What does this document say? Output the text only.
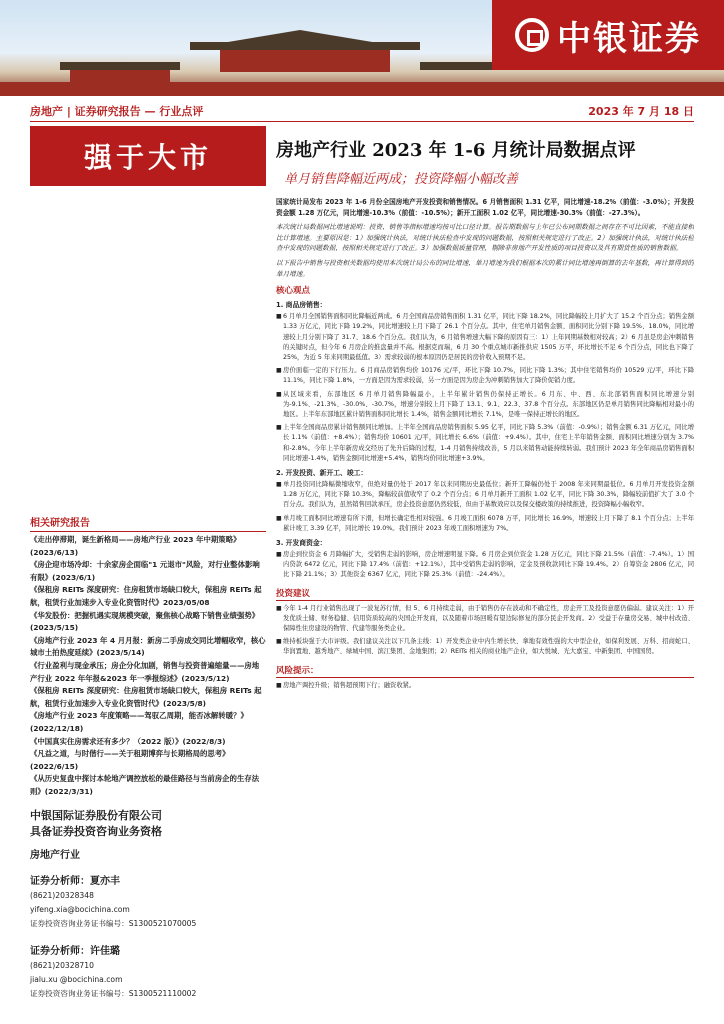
中银证券
房地产 | 证券研究报告 — 行业点评	2023 年 7 月 18 日
强于大市
相关研究报告
《走出停滞期，诞生新格局——房地产行业 2023 年中期策略》(2023/6/13)
《房企迎市场冷却：十余家房企面临"1 元退市"风险，对行业整体影响有限》(2023/6/1)
《保租房 REITs 深度研究：住房租赁市场缺口较大，保租房 REITs 起航，租赁行业加速步入专业化资管时代》2023/05/08
《华发股份：把握机遇实现规模突破，聚焦核心战略下销售业绩强势》(2023/5/15)
《房地产行业 2023 年 4 月月报：新房二手房成交同比增幅收窄，核心城市土拍热度延续》(2023/5/14)
《行业盈利与现金承压；房企分化加剧，销售与投资普遍缩量——房地产行业 2022 年年报&2023 年一季报综述》(2023/5/12)
《保租房 REITs 深度研究：住房租赁市场缺口较大，保租房 REITs 起航，租赁行业加速步入专业化资管时代》(2023/5/8)
《房地产行业 2023 年度策略——驾驭乙周期，能否冰解转暖？》(2022/12/18)
《中国真实住房需求还有多少？（2022 版）》(2022/8/3)
《凡益之道，与时偕行——关于租期博弈与长期格局的思考》(2022/6/15)
《从历史复盘中探讨本轮地产调控放松的最佳路径与当前房企的生存法则》(2022/3/31)
中银国际证券股份有限公司
具备证券投资咨询业务资格
房地产行业
证券分析师：夏亦丰
(8621)20328348
yifeng.xia@bocichina.com
证券投资咨询业务证书编号：S1300521070005
证券分析师：许佳璐
(8621)20328710
jialu.xu @bocichina.com
证券投资咨询业务证书编号：S1300521110002
房地产行业 2023 年 1-6 月统计局数据点评
单月销售降幅近两成；投资降幅小幅改善
国家统计局发布 2023 年 1-6 月份全国房地产开发投资和销售情况。6 月销售面积 1.31 亿平，同比增速-18.2%（前值：-3.0%）；开发投资金额 1.28 万亿元，同比增速-10.3%（前值：-10.5%）；新开工面积 1.02 亿平，同比增速-30.3%（前值：-27.3%）。
本次统计局数据同比增速说明：投资、销售等指标增速均按可比口径计算。报告期数据与上年已公布同期数据之间存在不可比因素，不能直接相比计算增速。主要原因是：1）加强统计执法，对统计执法检查中发现的问题数据，按照相关规定进行了改正。2）加强统计执法，对统计执法检查中发现的问题数据，按照相关规定进行了改正。3）加强数据质量管理，剔除非房地产开发性质的项目投资以及具有期货性质的销售数据。
以下报告中销售与投资相关数据均使用本次统计局公布的同比增速，单月增速为我们根据本次的累计同比增速再倒算的去年基数，再计算得到的单月增速。
核心观点
1. 商品房销售：
■ 6 月单月全国销售面积同比降幅近两成。6 月全国商品房销售面积 1.31 亿平，同比下降 18.2%，同比降幅较上月扩大了 15.2 个百分点；销售金额 1.33 万亿元，同比下降 19.2%，同比增速较上月下降了 26.1 个百分点。其中，住宅单月销售金额、面积同比分别下降 19.5%、18.0%，同比增速较上月分别下降了 31.7、18.6 个百分点。我们认为，6 月销售增速大幅下降的原因有三：1）上年同期基数相对较高；2）6 月虽是房企冲刺销售的关键时点，但今年 6 月房企的推盘量并不高。根据克而瑞，6 月 30 个重点城市新推供应 1505 万平，环比增长不足 6 个百分点，同比也下降了 25%，为近 5 年来同期最低值。3）需求较弱的根本原因仍是居民的房价收入预期不足。
■ 房价面临一定的下行压力。6 月商品房销售均价 10176 元/平，环比下降 10.7%，同比下降 1.3%；其中住宅销售均价 10529 元/平，环比下降 11.1%，同比下降 1.8%，一方面是因为需求较弱，另一方面是因为房企为冲刺销售加大了降价促销力度。
■ 从区域来看，东部地区 6 月单月销售降幅最小，上半年累计销售仍保持正增长。6 月东、中、西、东北部销售面积同比增速分别为-9.1%、-21.3%、-30.0%、-30.7%，增速分别较上月下降了 13.1、9.1、22.3、37.8 个百分点。东部地区仍是单月销售同比降幅相对最小的地区。上半年东部地区累计销售面积同比增长 1.4%，销售金额同比增长 7.1%，是唯一保持正增长的地区。
■ 上半年全国商品房累计销售额同比增加。上半年全国商品房销售面积 5.95 亿平，同比下降 5.3%（前值：-0.9%）；销售金额 6.31 万亿元，同比增长 1.1%（前值：+8.4%）；销售均价 10601 元/平，同比增长 6.6%（前值：+9.4%）。其中，住宅上半年销售金额、面积同比增速分别为 3.7%和-2.8%。今年上半年新房成交经历了先升后降的过程，1-4 月销售持续改善，5 月以来销售动能持续转弱。我们预计 2023 年全年商品房销售面积同比增速-1.4%，销售金额同比增速+5.4%，销售均价同比增速+3.9%。
2. 开发投资、新开工、竣工：
■ 单月投资同比降幅微缩收窄，但绝对量仍处于 2017 年以来同期历史最低位；新开工降幅仍处于 2008 年来同期最低位。6 月单月开发投资金额 1.28 万亿元，同比下降 10.3%，降幅较前值收窄了 0.2 个百分点；6 月单月新开工面积 1.02 亿平，同比下降 30.3%，降幅较前值扩大了 3.0 个百分点。我们认为，虽然销售回款承压，房企投资意愿仍然较低，但由于基数效应以及保交楼政策的持续推进，投资降幅小幅收窄。
■ 单月竣工面积同比增速有所下滑，但增长确定性相对较强。6 月竣工面积 6078 万平，同比增长 16.9%，增速较上月下降了 8.1 个百分点；上半年累计竣工 3.39 亿平，同比增长 19.0%。我们预计 2023 年竣工面积增速为 7%。
3. 开发商资金：
■ 房企到位资金 6 月降幅扩大，受销售走弱的影响，房企增速明显下降。6 月房企到位资金 1.28 万亿元，同比下降 21.5%（前值：-7.4%）。1）国内贷款 6472 亿元，同比下降 17.4%（前值：+12.1%），其中受销售走弱的影响，定金及预收款同比下降 19.4%。2）自筹资金 2806 亿元，同比下降 21.1%；3）其他资金 6367 亿元，同比下降 25.3%（前值：-24.4%）。
投资建议
■ 今年 1-4 月行业销售出现了一波复苏行情，但 5、6 月持续走弱，由于销售仍存在波动和不确定性，房企开工及投资意愿仍偏弱。建议关注：1）开发优质土储、财务稳健、信用资质较高的央国企开发商，以及随着市场回暖有望边际修复的部分民企开发商。2）受益于存量房交易、城中村改造、保障性住房建设的物管、代建等服务类企业。
■ 维持板块强于大市评级。我们建议关注以下几条主线：1）开发类企业中内生增长快、拿地有效性强的大中型企业，如保利发展、万科、招商蛇口、华润置地、越秀地产、绿城中国、滨江集团、金地集团；2）REITs 相关的商业地产企业，如大悦城、光大嘉宝、中新集团、中国国贸。
风险提示：
■ 房地产调控升级；销售超预期下行；融资收紧。
